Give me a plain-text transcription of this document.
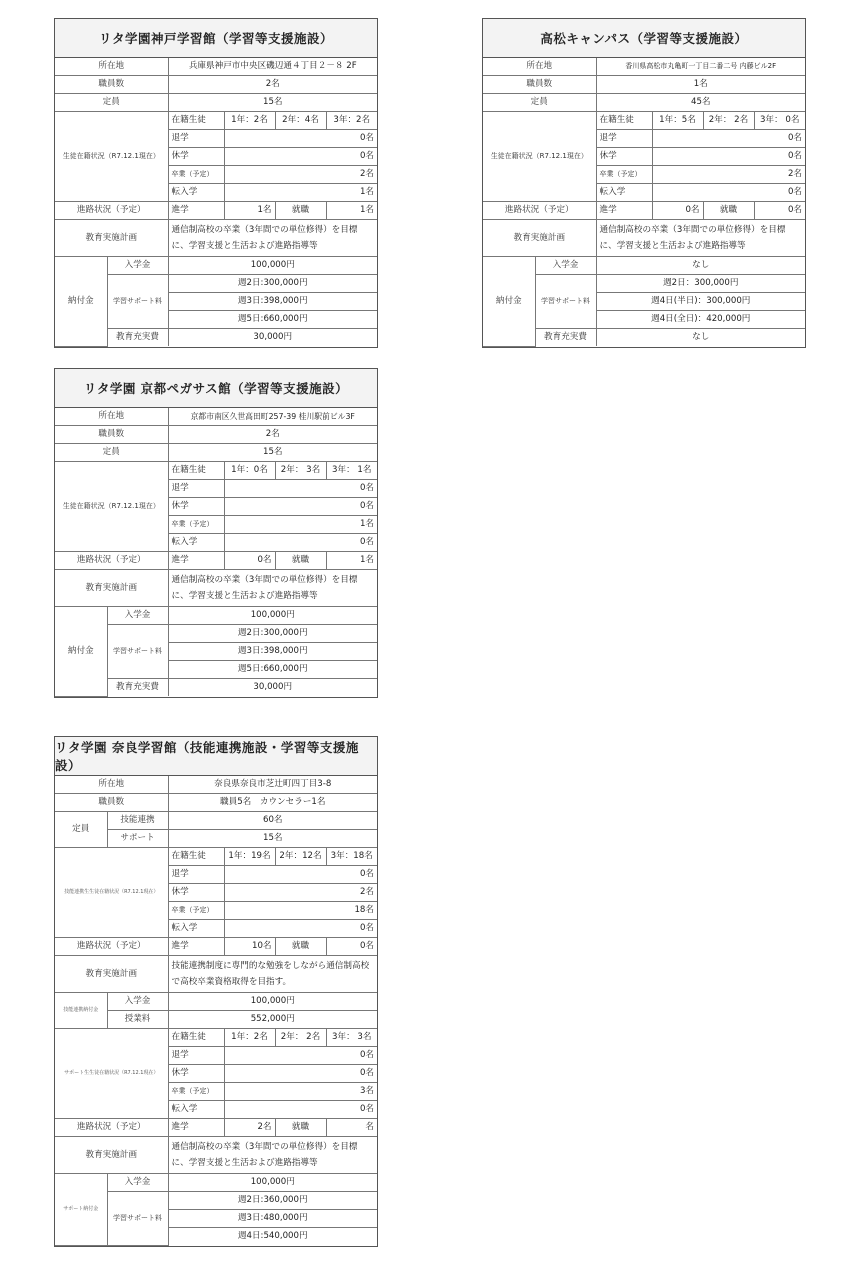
リタ学園神戸学習館（学習等支援施設）
所在地		兵庫県神戸市中央区磯辺通４丁目２－８ 2F			
職員数		2名			
定員		15名			
生徒在籍状況（R7.12.1現在）		在籍生徒	1年：2名	2年：4名	3年：2名
		退学	0名		
		休学	0名		
		卒業（予定）	2名		
		転入学	1名		
進路状況（予定）		進学	1名	就職	1名
教育実施計画		通信制高校の卒業（3年間での単位修得）を目標に、学習支援と生活および進路指導等			
納付金	入学金	100,000円			
	学習サポート料	週2日:300,000円			
		週3日:398,000円			
		週5日:660,000円			
	教育充実費	30,000円			
高松キャンパス（学習等支援施設）
所在地		香川県高松市丸亀町一丁目二番二号 内藤ビル2F			
職員数		1名			
定員		45名			
生徒在籍状況（R7.12.1現在）		在籍生徒	1年：5名	2年： 2名	3年： 0名
		退学	0名		
		休学	0名		
		卒業（予定）	2名		
		転入学	0名		
進路状況（予定）		進学	0名	就職	0名
教育実施計画		通信制高校の卒業（3年間での単位修得）を目標に、学習支援と生活および進路指導等			
納付金	入学金	なし			
	学習サポート料	週2日：300,000円			
		週4日(半日)：300,000円			
		週4日(全日)：420,000円			
	教育充実費	なし			
リタ学園 京都ペガサス館（学習等支援施設）
所在地		京都市南区久世高田町257-39 桂川駅前ビル3F			
職員数		2名			
定員		15名			
生徒在籍状況（R7.12.1現在）		在籍生徒	1年：0名	2年： 3名	3年： 1名
		退学	0名		
		休学	0名		
		卒業（予定）	1名		
		転入学	0名		
進路状況（予定）		進学	0名	就職	1名
教育実施計画		通信制高校の卒業（3年間での単位修得）を目標に、学習支援と生活および進路指導等			
納付金	入学金	100,000円			
	学習サポート料	週2日:300,000円			
		週3日:398,000円			
		週5日:660,000円			
	教育充実費	30,000円			
リタ学園 奈良学習館（技能連携施設・学習等支援施設）
所在地		奈良県奈良市芝辻町四丁目3-8			
職員数		職員5名　カウンセラー1名			
定員	技能連携	60名			
	サポート	15名			
技能連携生生徒在籍状況（R7.12.1現在）		在籍生徒	1年：19名	2年：12名	3年：18名
		退学	0名		
		休学	2名		
		卒業（予定）	18名		
		転入学	0名		
進路状況（予定）		進学	10名	就職	0名
教育実施計画		技能連携制度に専門的な勉強をしながら通信制高校で高校卒業資格取得を目指す。			
技能連携納付金	入学金	100,000円			
	授業料	552,000円			
サポート生生徒在籍状況（R7.12.1現在）		在籍生徒	1年：2名	2年： 2名	3年： 3名
		退学	0名		
		休学	0名		
		卒業（予定）	3名		
		転入学	0名		
進路状況（予定）		進学	2名	就職	名
教育実施計画		通信制高校の卒業（3年間での単位修得）を目標に、学習支援と生活および進路指導等			
サポート納付金	入学金	100,000円			
	学習サポート料	週2日:360,000円			
		週3日:480,000円			
		週4日:540,000円			
